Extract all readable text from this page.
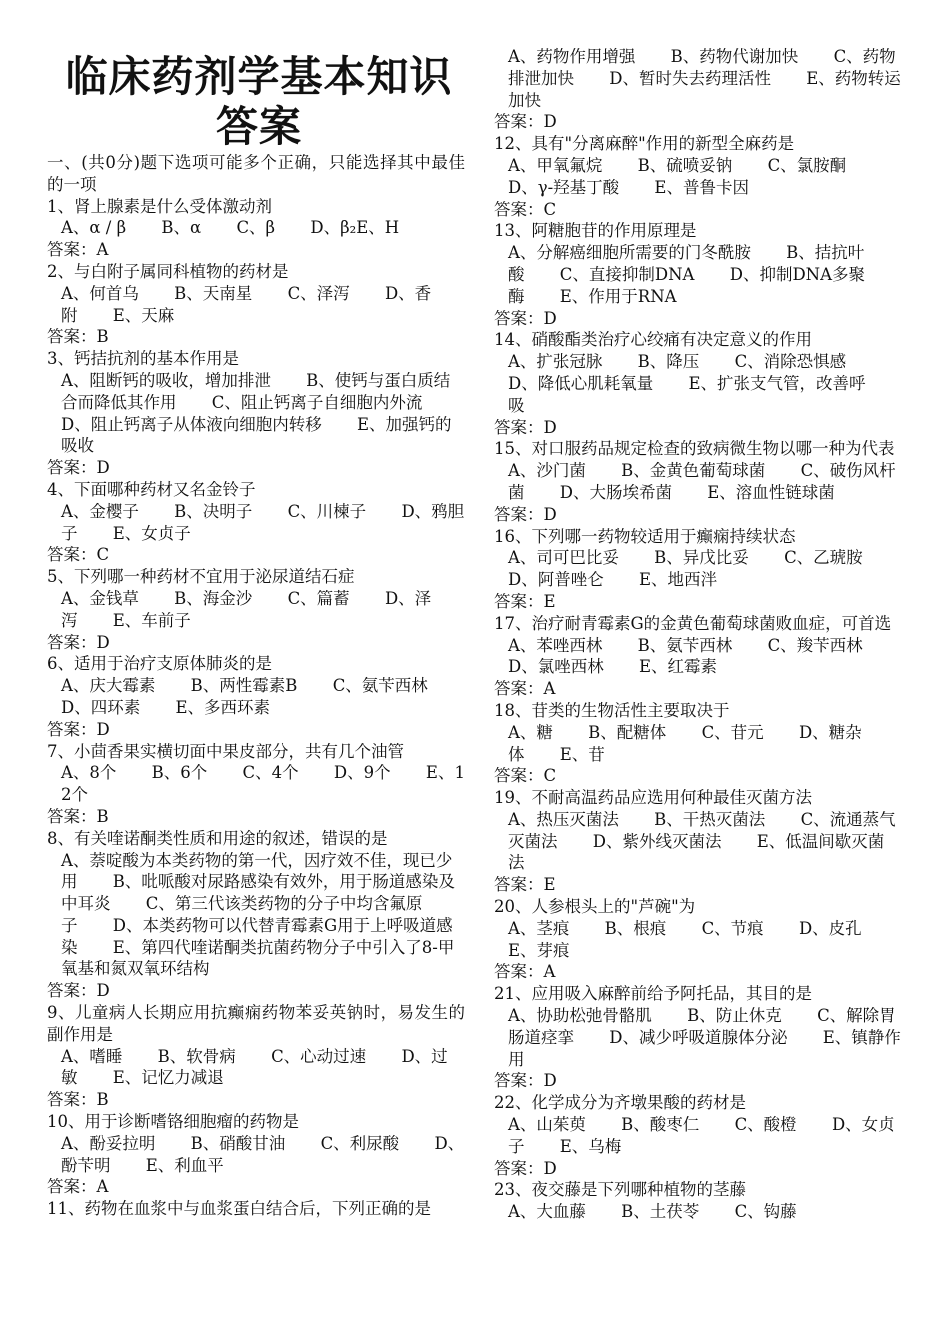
临床药剂学基本知识
答案
一、(共0分)题下选项可能多个正确，只能选择其中最佳的一项
1、肾上腺素是什么受体激动剂
A、α / β B、α C、β D、β₂E、H
答案：A
2、与白附子属同科植物的药材是
A、何首乌 B、天南星 C、泽泻 D、香附 E、天麻
答案：B
3、钙拮抗剂的基本作用是
A、阻断钙的吸收，增加排泄 B、使钙与蛋白质结合而降低其作用 C、阻止钙离子自细胞内外流 D、阻止钙离子从体液向细胞内转移 E、加强钙的吸收
答案：D
4、下面哪种药材又名金铃子
A、金樱子 B、决明子 C、川楝子 D、鸦胆子 E、女贞子
答案：C
5、下列哪一种药材不宜用于泌尿道结石症
A、金钱草 B、海金沙 C、篇蓄 D、泽泻 E、车前子
答案：D
6、适用于治疗支原体肺炎的是
A、庆大霉素 B、两性霉素B C、氨苄西林 D、四环素 E、多西环素
答案：D
7、小茴香果实横切面中果皮部分，共有几个油管
A、8个 B、6个 C、4个 D、9个 E、12个
答案：B
8、有关喹诺酮类性质和用途的叙述，错误的是
A、萘啶酸为本类药物的第一代，因疗效不佳，现已少用 B、吡哌酸对尿路感染有效外，用于肠道感染及中耳炎 C、第三代该类药物的分子中均含氟原子 D、本类药物可以代替青霉素G用于上呼吸道感染 E、第四代喹诺酮类抗菌药物分子中引入了8-甲氧基和氮双氧环结构
答案：D
9、儿童病人长期应用抗癫痫药物苯妥英钠时，易发生的副作用是
A、嗜睡 B、软骨病 C、心动过速 D、过敏 E、记忆力减退
答案：B
10、用于诊断嗜铬细胞瘤的药物是
A、酚妥拉明 B、硝酸甘油 C、利尿酸 D、酚苄明 E、利血平
答案：A
11、药物在血浆中与血浆蛋白结合后，下列正确的是
A、药物作用增强 B、药物代谢加快 C、药物排泄加快 D、暂时失去药理活性 E、药物转运加快
答案：D
12、具有"分离麻醉"作用的新型全麻药是
A、甲氧氟烷 B、硫喷妥钠 C、氯胺酮 D、γ-羟基丁酸 E、普鲁卡因
答案：C
13、阿糖胞苷的作用原理是
A、分解癌细胞所需要的门冬酰胺 B、拮抗叶酸 C、直接抑制DNA D、抑制DNA多聚酶 E、作用于RNA
答案：D
14、硝酸酯类治疗心绞痛有决定意义的作用
A、扩张冠脉 B、降压 C、消除恐惧感 D、降低心肌耗氧量 E、扩张支气管，改善呼吸
答案：D
15、对口服药品规定检查的致病微生物以哪一种为代表
A、沙门菌 B、金黄色葡萄球菌 C、破伤风杆菌 D、大肠埃希菌 E、溶血性链球菌
答案：D
16、下列哪一药物较适用于癫痫持续状态
A、司可巴比妥 B、异戊比妥 C、乙琥胺 D、阿普唑仑 E、地西泮
答案：E
17、治疗耐青霉素G的金黄色葡萄球菌败血症，可首选
A、苯唑西林 B、氨苄西林 C、羧苄西林 D、氯唑西林 E、红霉素
答案：A
18、苷类的生物活性主要取决于
A、糖 B、配糖体 C、苷元 D、糖杂体 E、苷
答案：C
19、不耐高温药品应选用何种最佳灭菌方法
A、热压灭菌法 B、干热灭菌法 C、流通蒸气灭菌法 D、紫外线灭菌法 E、低温间歇灭菌法
答案：E
20、人参根头上的"芦碗"为
A、茎痕 B、根痕 C、节痕 D、皮孔 E、芽痕
答案：A
21、应用吸入麻醉前给予阿托品，其目的是
A、协助松弛骨骼肌 B、防止休克 C、解除胃肠道痉挛 D、减少呼吸道腺体分泌 E、镇静作用
答案：D
22、化学成分为齐墩果酸的药材是
A、山茱萸 B、酸枣仁 C、酸橙 D、女贞子 E、乌梅
答案：D
23、夜交藤是下列哪种植物的茎藤
A、大血藤 B、土茯苓 C、钩藤
